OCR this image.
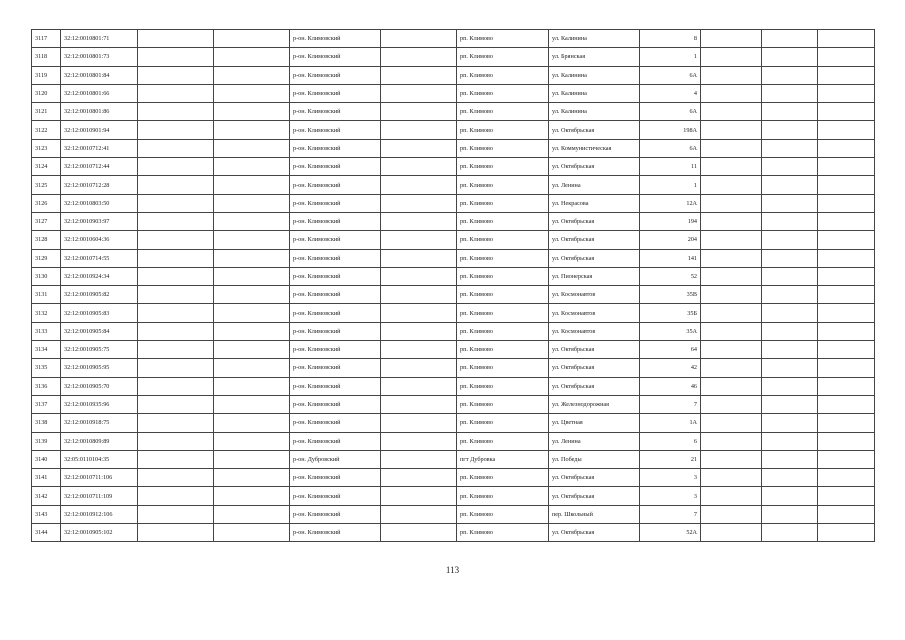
3117	32:12:0010801:71			р-он. Климовский		рп. Климово	ул. Калинина	8			
3118	32:12:0010801:73			р-он. Климовский		рп. Климово	ул. Брянская	1			
3119	32:12:0010801:84			р-он. Климовский		рп. Климово	ул. Калинина	6А			
3120	32:12:0010801:66			р-он. Климовский		рп. Климово	ул. Калинина	4			
3121	32:12:0010801:86			р-он. Климовский		рп. Климово	ул. Калинина	6А			
3122	32:12:0010901:94			р-он. Климовский		рп. Климово	ул. Октябрьская	198А			
3123	32:12:0010712:41			р-он. Климовский		рп. Климово	ул. Коммунистическая	6А			
3124	32:12:0010712:44			р-он. Климовский		рп. Климово	ул. Октябрьская	11			
3125	32:12:0010712:28			р-он. Климовский		рп. Климово	ул. Ленина	1			
3126	32:12:0010803:50			р-он. Климовский		рп. Климово	ул. Некрасова	12А			
3127	32:12:0010903:97			р-он. Климовский		рп. Климово	ул. Октябрьская	194			
3128	32:12:0010604:36			р-он. Климовский		рп. Климово	ул. Октябрьская	204			
3129	32:12:0010714:55			р-он. Климовский		рп. Климово	ул. Октябрьская	141			
3130	32:12:0010924:34			р-он. Климовский		рп. Климово	ул. Пионерская	52			
3131	32:12:0010905:82			р-он. Климовский		рп. Климово	ул. Космонавтов	35В			
3132	32:12:0010905:83			р-он. Климовский		рп. Климово	ул. Космонавтов	35Б			
3133	32:12:0010905:84			р-он. Климовский		рп. Климово	ул. Космонавтов	35А			
3134	32:12:0010905:75			р-он. Климовский		рп. Климово	ул. Октябрьская	64			
3135	32:12:0010905:95			р-он. Климовский		рп. Климово	ул. Октябрьская	42			
3136	32:12:0010905:70			р-он. Климовский		рп. Климово	ул. Октябрьская	46			
3137	32:12:0010935:96			р-он. Климовский		рп. Климово	ул. Железнодорожная	7			
3138	32:12:0010918:75			р-он. Климовский		рп. Климово	ул. Цветная	1А			
3139	32:12:0010809:89			р-он. Климовский		рп. Климово	ул. Ленина	6			
3140	32:05:0110104:35			р-он. Дубровский		пгт Дубровка	ул. Победы	21			
3141	32:12:0010711:106			р-он. Климовский		рп. Климово	ул. Октябрьская	3			
3142	32:12:0010711:109			р-он. Климовский		рп. Климово	ул. Октябрьская	3			
3143	32:12:0010912:106			р-он. Климовский		рп. Климово	пер. Школьный	7			
3144	32:12:0010905:102			р-он. Климовский		рп. Климово	ул. Октябрьская	52А			
113
